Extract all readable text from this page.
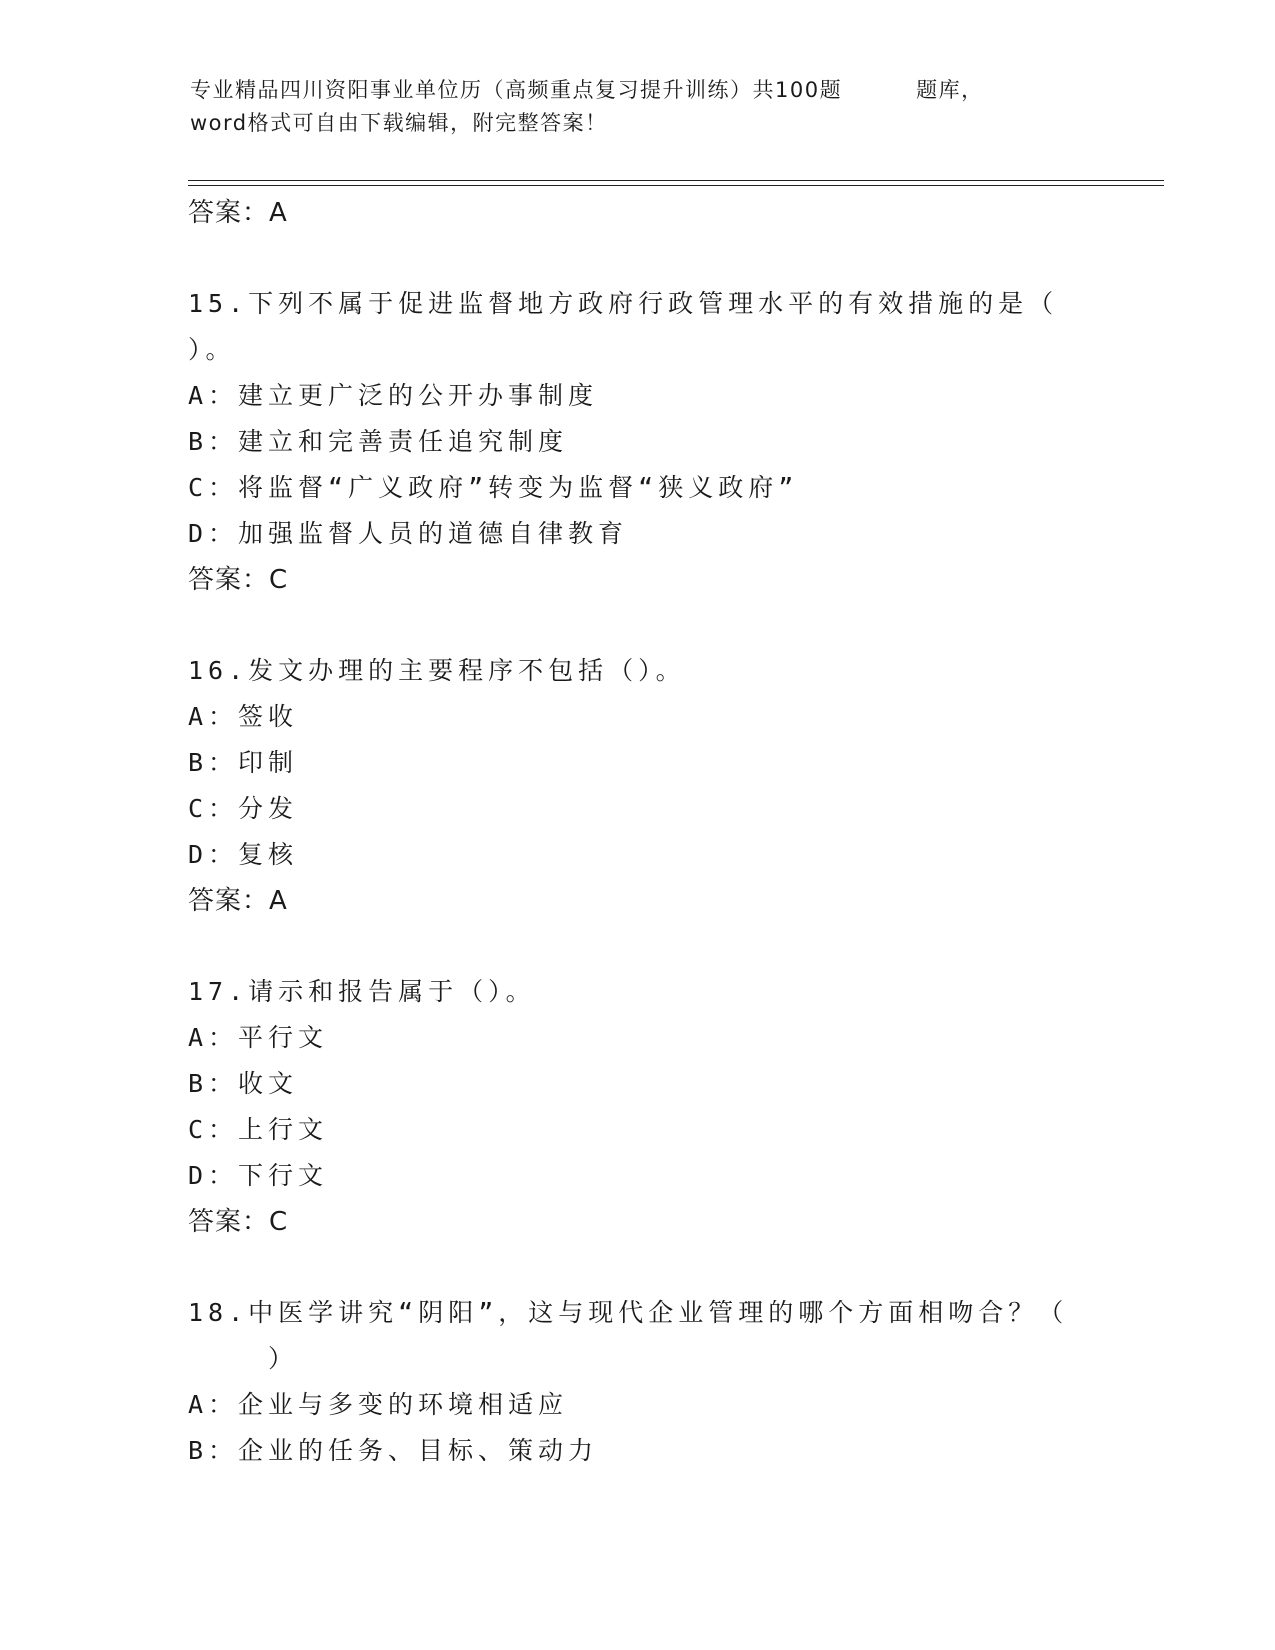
专业精品四川资阳事业单位历（高频重点复习提升训练）共100题	题库，
word格式可自由下载编辑，附完整答案！
答案：A
15.下列不属于促进监督地方政府行政管理水平的有效措施的是（
）。
A：建立更广泛的公开办事制度
B：建立和完善责任追究制度
C：将监督“广义政府”转变为监督“狭义政府”
D：加强监督人员的道德自律教育
答案：C
16.发文办理的主要程序不包括（）。
A：签收
B：印制
C：分发
D：复核
答案：A
17.请示和报告属于（）。
A：平行文
B：收文
C：上行文
D：下行文
答案：C
18.中医学讲究“阴阳”，这与现代企业管理的哪个方面相吻合？（
）
A：企业与多变的环境相适应
B：企业的任务、目标、策动力
